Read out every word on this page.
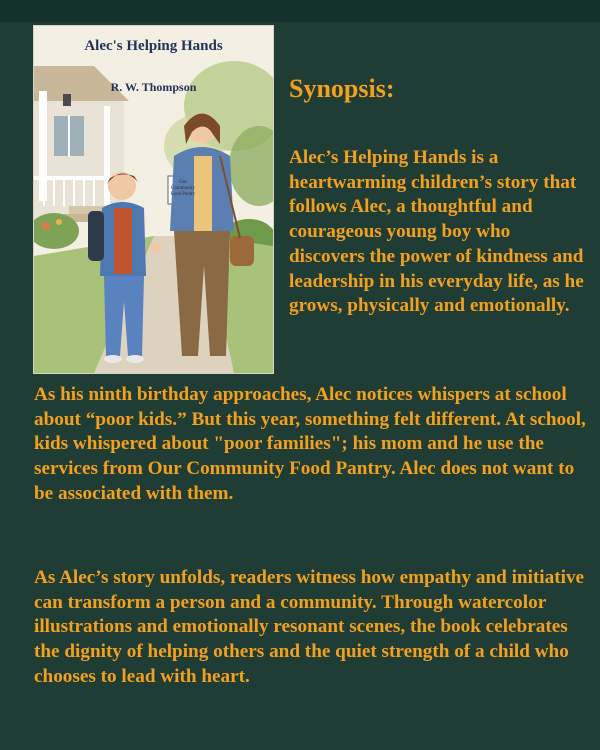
Alec's Helping Hands
R. W. Thompson
Our Community Food Pantry
Synopsis:

Alec’s Helping Hands is a heartwarming children’s story that follows Alec, a thoughtful and courageous young boy who discovers the power of kindness and leadership in his everyday life, as he grows, physically and emotionally.

As his ninth birthday approaches, Alec notices whispers at school about “poor kids.” But this year, something felt different. At school, kids whispered about "poor families"; his mom and he use the services from Our Community Food Pantry. Alec does not want to be associated with them.

As Alec’s story unfolds, readers witness how empathy and initiative can transform a person and a community. Through watercolor illustrations and emotionally resonant scenes, the book celebrates the dignity of helping others and the quiet strength of a child who chooses to lead with heart.
